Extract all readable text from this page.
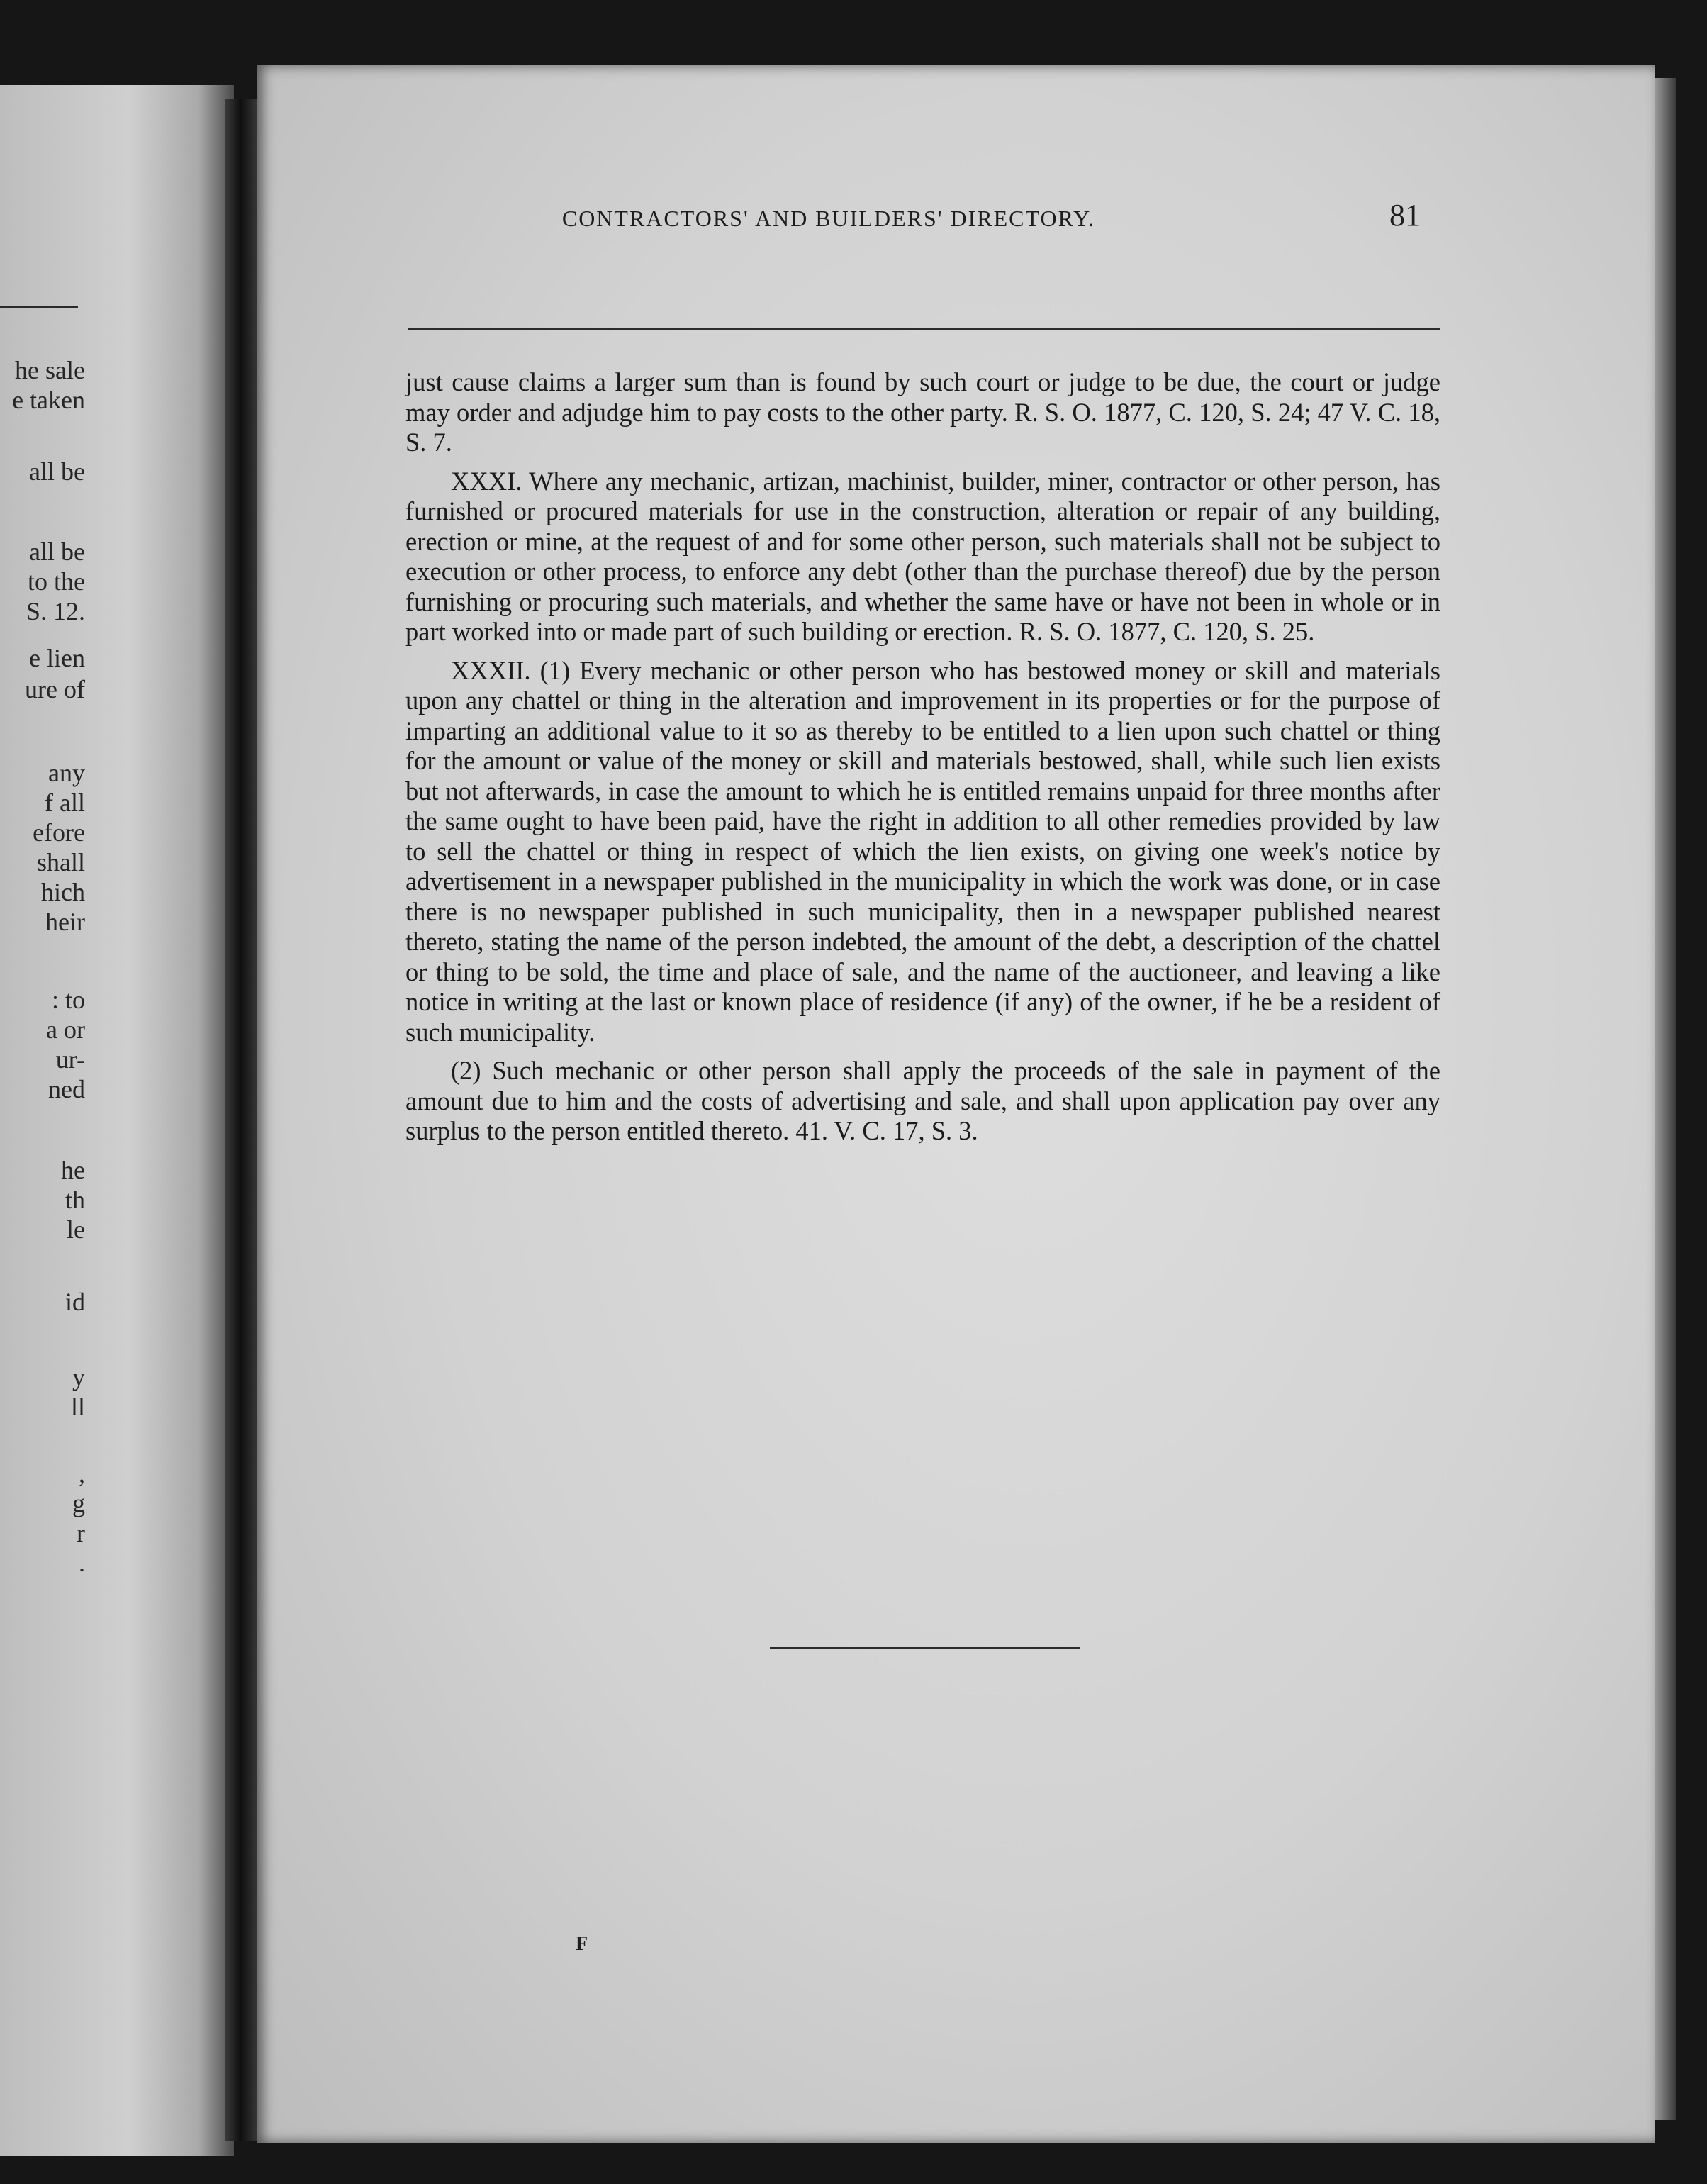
he sale
e taken
all be
all be
to the
S. 12.
e lien
ure of
any
f all
efore
shall
hich
heir
: to
a or
ur-
ned
he
th
le
id
y
ll
,
g
r
.
CONTRACTORS' AND BUILDERS' DIRECTORY.	81

just cause claims a larger sum than is found by such court or judge to be due, the court or judge may order and adjudge him to pay costs to the other party. R. S. O. 1877, C. 120, S. 24; 47 V. C. 18, S. 7.

XXXI. Where any mechanic, artizan, machinist, builder, miner, contractor or other person, has furnished or procured materials for use in the construction, alteration or repair of any building, erection or mine, at the request of and for some other person, such materials shall not be subject to execution or other process, to enforce any debt (other than the purchase thereof) due by the person furnishing or procuring such materials, and whether the same have or have not been in whole or in part worked into or made part of such building or erection. R. S. O. 1877, C. 120, S. 25.

XXXII. (1) Every mechanic or other person who has bestowed money or skill and materials upon any chattel or thing in the alteration and improvement in its properties or for the purpose of imparting an additional value to it so as thereby to be entitled to a lien upon such chattel or thing for the amount or value of the money or skill and materials bestowed, shall, while such lien exists but not afterwards, in case the amount to which he is entitled remains unpaid for three months after the same ought to have been paid, have the right in addition to all other remedies provided by law to sell the chattel or thing in respect of which the lien exists, on giving one week's notice by advertisement in a newspaper published in the municipality in which the work was done, or in case there is no newspaper published in such municipality, then in a newspaper published nearest thereto, stating the name of the person indebted, the amount of the debt, a description of the chattel or thing to be sold, the time and place of sale, and the name of the auctioneer, and leaving a like notice in writing at the last or known place of residence (if any) of the owner, if he be a resident of such municipality.

(2) Such mechanic or other person shall apply the proceeds of the sale in payment of the amount due to him and the costs of advertising and sale, and shall upon application pay over any surplus to the person entitled thereto. 41. V. C. 17, S. 3.

F
